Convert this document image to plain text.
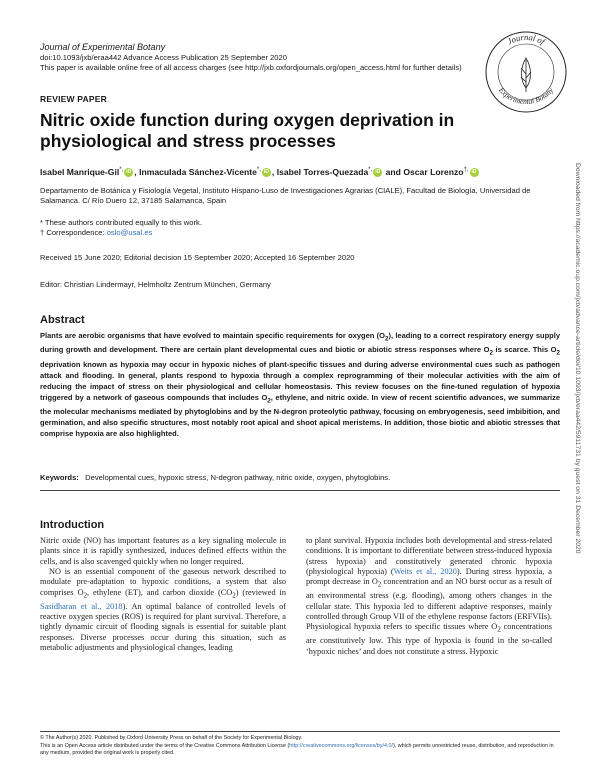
Journal of Experimental Botany
doi:10.1093/jxb/eraa442 Advance Access Publication 25 September 2020
This paper is available online free of all access charges (see http://jxb.oxfordjournals.org/open_access.html for further details)
Journal of
Experimental Botany
REVIEW PAPER
Nitric oxide function during oxygen deprivation in physiological and stress processes
Isabel Manrique-Gil*, iD , Inmaculada Sánchez-Vicente*, iD , Isabel Torres-Quezada*, iD and Oscar Lorenzo†, iD
Departamento de Botánica y Fisiología Vegetal, Instituto Hispano-Luso de Investigaciones Agrarias (CIALE), Facultad de Biología, Universidad de Salamanca. C/ Río Duero 12, 37185 Salamanca, Spain
* These authors contributed equally to this work.
† Correspondence: oslo@usal.es
Received 15 June 2020; Editorial decision 15 September 2020; Accepted 16 September 2020
Editor: Christian Lindermayr, Helmholtz Zentrum München, Germany
Abstract

Plants are aerobic organisms that have evolved to maintain specific requirements for oxygen $(O_2)$, leading to a correct respiratory energy supply during growth and development. There are certain plant developmental cues and biotic or abiotic stress responses where $O_2$ is scarce. This $O_2$ deprivation known as hypoxia may occur in hypoxic niches of plant-specific tissues and during adverse environmental cues such as pathogen attack and flooding. In general, plants respond to hypoxia through a complex reprogramming of their molecular activities with the aim of reducing the impact of stress on their physiological and cellular homeostasis. This review focuses on the fine-tuned regulation of hypoxia triggered by a network of gaseous compounds that includes $O_2$, ethylene, and nitric oxide. In view of recent scientific advances, we summarize the molecular mechanisms mediated by phytoglobins and by the N-degron proteolytic pathway, focusing on embryogenesis, seed imbibition, and germination, and also specific structures, most notably root apical and shoot apical meristems. In addition, those biotic and abiotic stresses that comprise hypoxia are also highlighted.

Keywords: Developmental cues, hypoxic stress, N-degron pathway, nitric oxide, oxygen, phytoglobins.
Introduction

Nitric oxide (NO) has important features as a key signaling molecule in plants since it is rapidly synthesized, induces defined effects within the cells, and is also scavenged quickly when no longer required.

NO is an essential component of the gaseous network described to modulate pre-adaptation to hypoxic conditions, a system that also comprises $O_2$, ethylene (ET), and carbon dioxide $(CO_2)$ (reviewed in Sasidharan et al., 2018). An optimal balance of controlled levels of reactive oxygen species (ROS) is required for plant survival. Therefore, a tightly dynamic circuit of flooding signals is essential for suitable plant responses. Diverse processes occur during this situation, such as metabolic adjustments and physiological changes, leading

to plant survival. Hypoxia includes both developmental and stress-related conditions. It is important to differentiate between stress-induced hypoxia (stress hypoxia) and constitutively generated chronic hypoxia (physiological hypoxia) (Weits et al., 2020). During stress hypoxia, a prompt decrease in $O_2$ concentration and an NO burst occur as a result of an environmental stress (e.g. flooding), among others changes in the cellular state. This hypoxia led to different adaptive responses, mainly controlled through Group VII of the ethylene response factors (ERFVIIs). Physiological hypoxia refers to specific tissues where $O_2$ concentrations are constitutively low. This type of hypoxia is found in the so-called ‘hypoxic niches’ and does not constitute a stress. Hypoxic

© The Author(s) 2020. Published by Oxford University Press on behalf of the Society for Experimental Biology.
This is an Open Access article distributed under the terms of the Creative Commons Attribution License (http://creativecommons.org/licenses/by/4.0/), which permits unrestricted reuse, distribution, and reproduction in any medium, provided the original work is properly cited.
Downloaded from https://academic.oup.com/jxb/advance-article/doi/10.1093/jxb/eraa442/5911731 by guest on 31 December 2020
